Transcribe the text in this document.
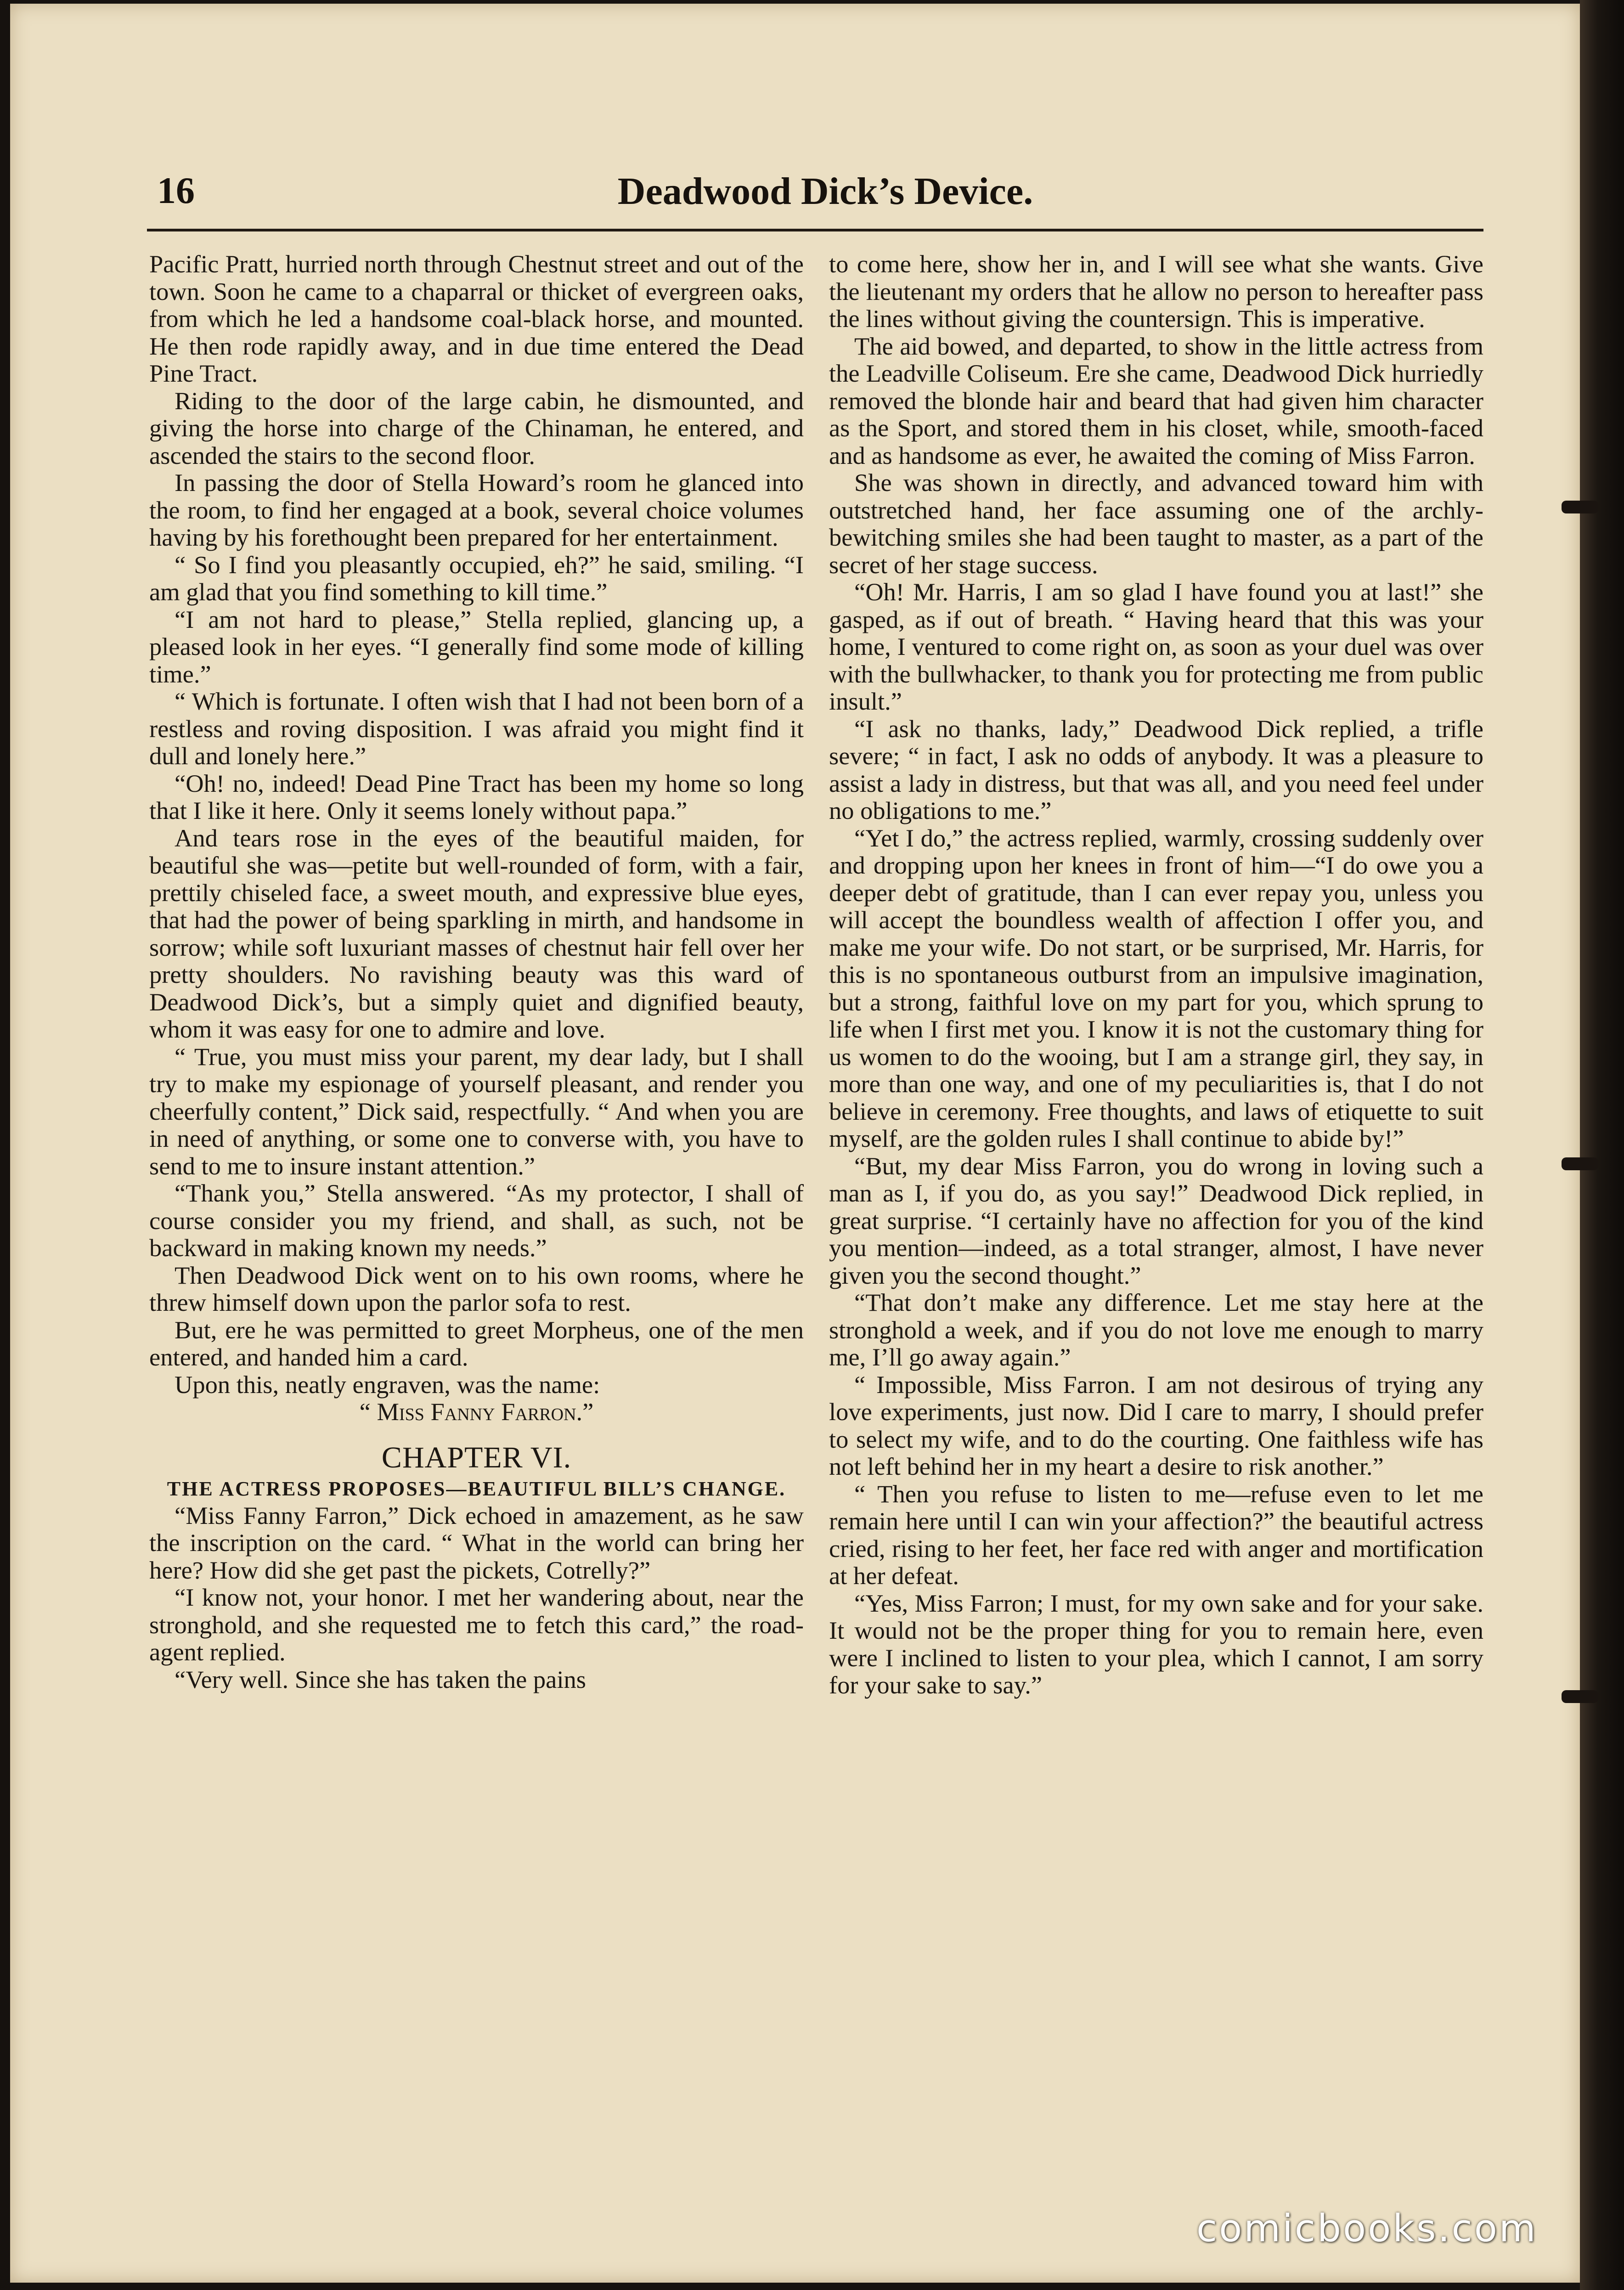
Deadwood Dick’s Device.
16

Pacific Pratt, hurried north through Chestnut street and out of the town. Soon he came to a chaparral or thicket of evergreen oaks, from which he led a handsome coal-black horse, and mounted. He then rode rapidly away, and in due time entered the Dead Pine Tract.

Riding to the door of the large cabin, he dismounted, and giving the horse into charge of the Chinaman, he entered, and ascended the stairs to the second floor.

In passing the door of Stella Howard’s room he glanced into the room, to find her engaged at a book, several choice volumes having by his forethought been prepared for her entertainment.

“ So I find you pleasantly occupied, eh?” he said, smiling. “I am glad that you find something to kill time.”

“I am not hard to please,” Stella replied, glancing up, a pleased look in her eyes. “I generally find some mode of killing time.”

“ Which is fortunate. I often wish that I had not been born of a restless and roving disposition. I was afraid you might find it dull and lonely here.”

“Oh! no, indeed! Dead Pine Tract has been my home so long that I like it here. Only it seems lonely without papa.”

And tears rose in the eyes of the beautiful maiden, for beautiful she was—petite but well-rounded of form, with a fair, prettily chiseled face, a sweet mouth, and expressive blue eyes, that had the power of being sparkling in mirth, and handsome in sorrow; while soft luxuriant masses of chestnut hair fell over her pretty shoulders. No ravishing beauty was this ward of Deadwood Dick’s, but a simply quiet and dignified beauty, whom it was easy for one to admire and love.

“ True, you must miss your parent, my dear lady, but I shall try to make my espionage of yourself pleasant, and render you cheerfully content,” Dick said, respectfully. “ And when you are in need of anything, or some one to converse with, you have to send to me to insure instant attention.”

“Thank you,” Stella answered. “As my protector, I shall of course consider you my friend, and shall, as such, not be backward in making known my needs.”

Then Deadwood Dick went on to his own rooms, where he threw himself down upon the parlor sofa to rest.

But, ere he was permitted to greet Morpheus, one of the men entered, and handed him a card.

Upon this, neatly engraven, was the name:

“ Miss Fanny Farron.”

CHAPTER VI.
THE ACTRESS PROPOSES—BEAUTIFUL BILL’S CHANGE.

“Miss Fanny Farron,” Dick echoed in amazement, as he saw the inscription on the card. “ What in the world can bring her here? How did she get past the pickets, Cotrelly?”

“I know not, your honor. I met her wandering about, near the stronghold, and she requested me to fetch this card,” the road-agent replied.

“Very well. Since she has taken the pains

to come here, show her in, and I will see what she wants. Give the lieutenant my orders that he allow no person to hereafter pass the lines without giving the countersign. This is imperative.

The aid bowed, and departed, to show in the little actress from the Leadville Coliseum. Ere she came, Deadwood Dick hurriedly removed the blonde hair and beard that had given him character as the Sport, and stored them in his closet, while, smooth-faced and as handsome as ever, he awaited the coming of Miss Farron.

She was shown in directly, and advanced toward him with outstretched hand, her face assuming one of the archly-bewitching smiles she had been taught to master, as a part of the secret of her stage success.

“Oh! Mr. Harris, I am so glad I have found you at last!” she gasped, as if out of breath. “ Having heard that this was your home, I ventured to come right on, as soon as your duel was over with the bullwhacker, to thank you for protecting me from public insult.”

“I ask no thanks, lady,” Deadwood Dick replied, a trifle severe; “ in fact, I ask no odds of anybody. It was a pleasure to assist a lady in distress, but that was all, and you need feel under no obligations to me.”

“Yet I do,” the actress replied, warmly, crossing suddenly over and dropping upon her knees in front of him—“I do owe you a deeper debt of gratitude, than I can ever repay you, unless you will accept the boundless wealth of affection I offer you, and make me your wife. Do not start, or be surprised, Mr. Harris, for this is no spontaneous outburst from an impulsive imagination, but a strong, faithful love on my part for you, which sprung to life when I first met you. I know it is not the customary thing for us women to do the wooing, but I am a strange girl, they say, in more than one way, and one of my peculiarities is, that I do not believe in ceremony. Free thoughts, and laws of etiquette to suit myself, are the golden rules I shall continue to abide by!”

“But, my dear Miss Farron, you do wrong in loving such a man as I, if you do, as you say!” Deadwood Dick replied, in great surprise. “I certainly have no affection for you of the kind you mention—indeed, as a total stranger, almost, I have never given you the second thought.”

“That don’t make any difference. Let me stay here at the stronghold a week, and if you do not love me enough to marry me, I’ll go away again.”

“ Impossible, Miss Farron. I am not desirous of trying any love experiments, just now. Did I care to marry, I should prefer to select my wife, and to do the courting. One faithless wife has not left behind her in my heart a desire to risk another.”

“ Then you refuse to listen to me—refuse even to let me remain here until I can win your affection?” the beautiful actress cried, rising to her feet, her face red with anger and mortification at her defeat.

“Yes, Miss Farron; I must, for my own sake and for your sake. It would not be the proper thing for you to remain here, even were I inclined to listen to your plea, which I cannot, I am sorry for your sake to say.”

comicbooks.com
